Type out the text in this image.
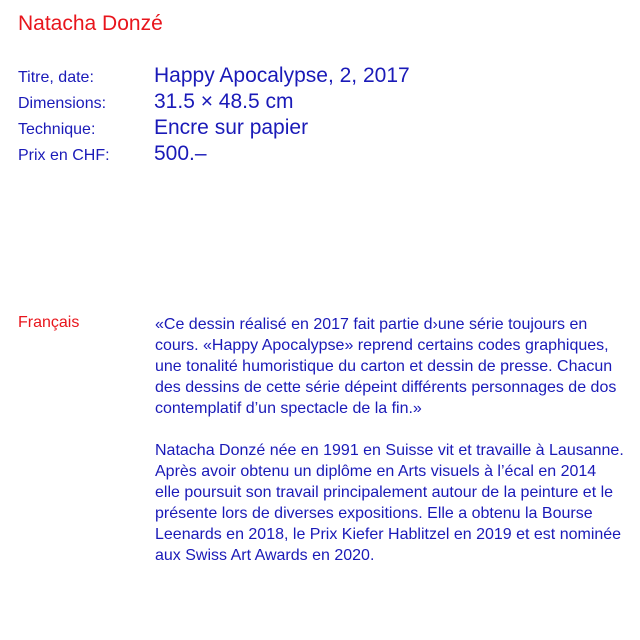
Natacha Donzé
Titre, date:	Happy Apocalypse, 2, 2017
Dimensions:	31.5 × 48.5 cm
Technique:	Encre sur papier
Prix en CHF:	500.–
Français	«Ce dessin réalisé en 2017 fait partie d›une série toujours en cours. «Happy Apocalypse» reprend certains codes graphiques, une tonalité humoristique du carton et dessin de presse. Chacun des dessins de cette série dépeint différents personnages de dos contemplatif d’un spectacle de la fin.»

Natacha Donzé née en 1991 en Suisse vit et travaille à Lausanne. Après avoir obtenu un diplôme en Arts visuels à l’écal en 2014 elle poursuit son travail principalement autour de la peinture et le présente lors de diverses expositions. Elle a obtenu la Bourse Leenards en 2018, le Prix Kiefer Hablitzel en 2019 et est nominée aux Swiss Art Awards en 2020.
